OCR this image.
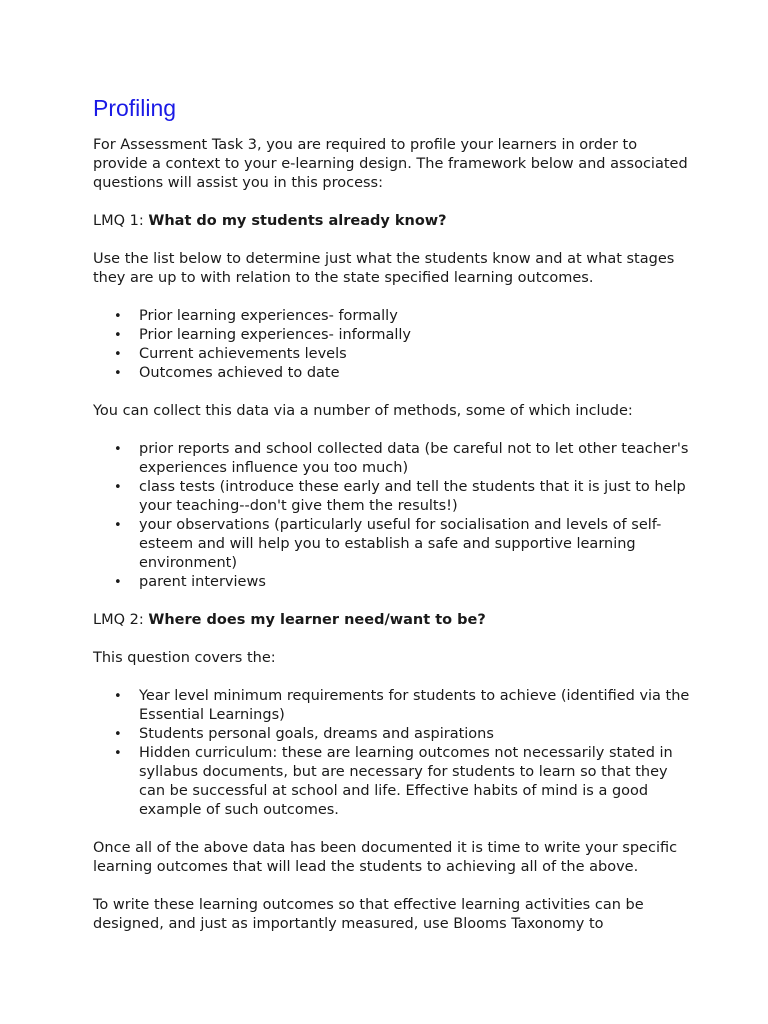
Profiling

For Assessment Task 3, you are required to profile your learners in order to provide a context to your e-learning design. The framework below and associated questions will assist you in this process:

LMQ 1: What do my students already know?

Use the list below to determine just what the students know and at what stages they are up to with relation to the state specified learning outcomes.

• Prior learning experiences- formally
• Prior learning experiences- informally
• Current achievements levels
• Outcomes achieved to date

You can collect this data via a number of methods, some of which include:

• prior reports and school collected data (be careful not to let other teacher's experiences influence you too much)
• class tests (introduce these early and tell the students that it is just to help your teaching--don't give them the results!)
• your observations (particularly useful for socialisation and levels of self-esteem and will help you to establish a safe and supportive learning environment)
• parent interviews
LMQ 2: Where does my learner need/want to be?

This question covers the:

• Year level minimum requirements for students to achieve (identified via the Essential Learnings)
• Students personal goals, dreams and aspirations
• Hidden curriculum: these are learning outcomes not necessarily stated in syllabus documents, but are necessary for students to learn so that they can be successful at school and life. Effective habits of mind is a good example of such outcomes.

Once all of the above data has been documented it is time to write your specific learning outcomes that will lead the students to achieving all of the above.

To write these learning outcomes so that effective learning activities can be designed, and just as importantly measured, use Blooms Taxonomy to
